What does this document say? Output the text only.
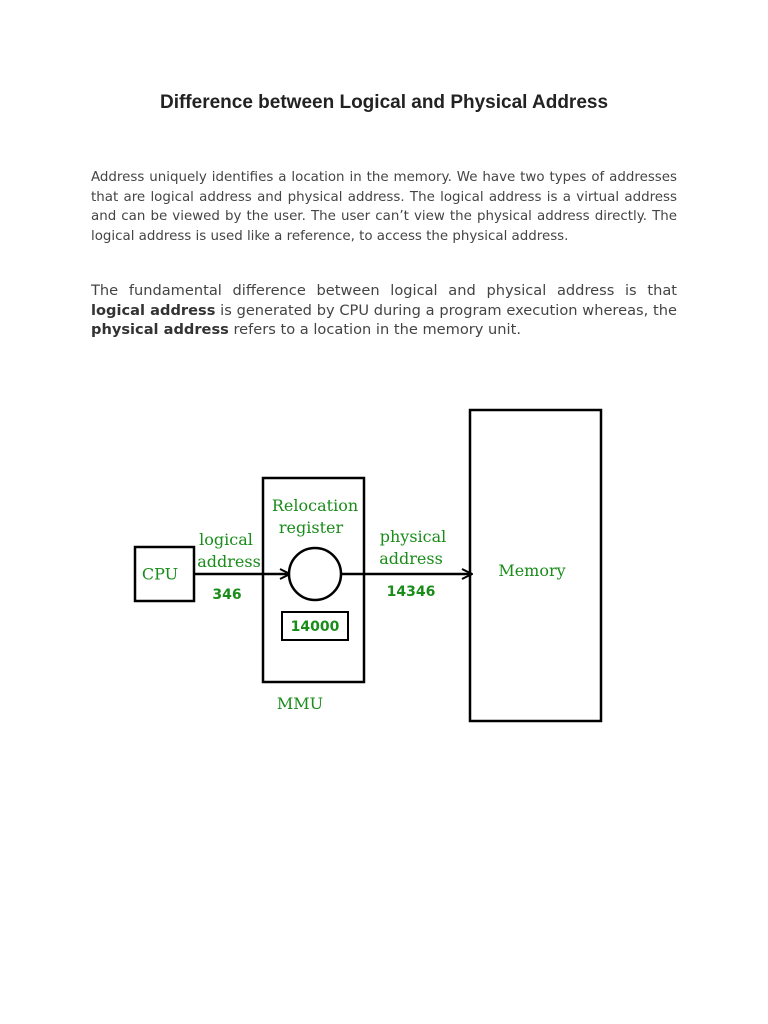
Difference between Logical and Physical Address

Address uniquely identifies a location in the memory. We have two types of addresses that are logical address and physical address. The logical address is a virtual address and can be viewed by the user. The user can’t view the physical address directly. The logical address is used like a reference, to access the physical address.

The fundamental difference between logical and physical address is that logical address is generated by CPU during a program execution whereas, the physical address refers to a location in the memory unit.

CPU
logical
address
346
Relocation
register
14000
MMU
physical
address
14346
Memory
